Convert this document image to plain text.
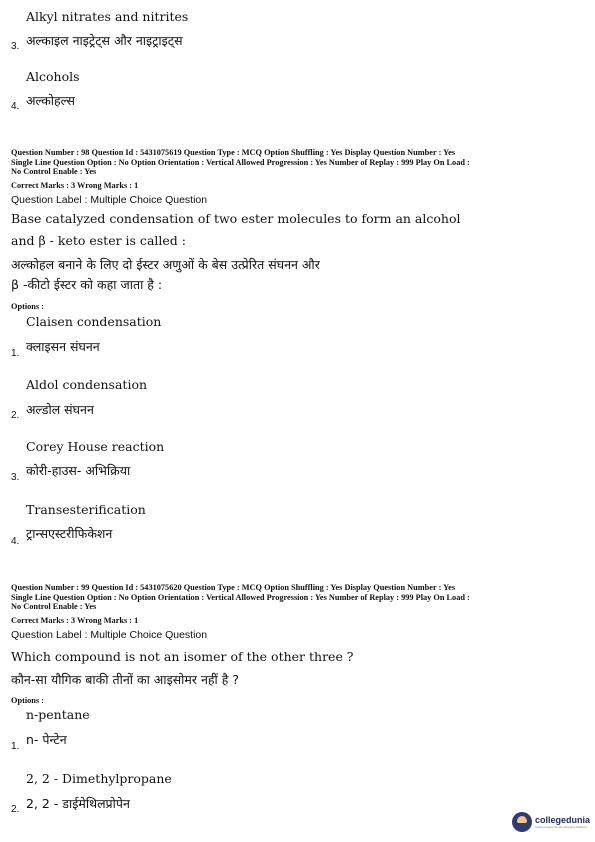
Alkyl nitrates and nitrites
3. अल्काइल नाइट्रेट्स और नाइट्राइट्स
Alcohols
4. अल्कोहल्स
Question Number : 98 Question Id : 5431075619 Question Type : MCQ Option Shuffling : Yes Display Question Number : Yes
Single Line Question Option : No Option Orientation : Vertical Allowed Progression : Yes Number of Replay : 999 Play On Load :
No Control Enable : Yes
Correct Marks : 3 Wrong Marks : 1
Question Label : Multiple Choice Question
Base catalyzed condensation of two ester molecules to form an alcohol
and β - keto ester is called :
अल्कोहल बनाने के लिए दो ईस्टर अणुओं के बेस उत्प्रेरित संघनन और
β -कीटो ईस्टर को कहा जाता है :
Options :
Claisen condensation
1. क्लाइसन संघनन
Aldol condensation
2. अल्डोल संघनन
Corey House reaction
3. कोरी-हाउस- अभिक्रिया
Transesterification
4.
ट्रान्सएस्टरीफिकेशन
Question Number : 99 Question Id : 5431075620 Question Type : MCQ Option Shuffling : Yes Display Question Number : Yes
Single Line Question Option : No Option Orientation : Vertical Allowed Progression : Yes Number of Replay : 999 Play On Load :
No Control Enable : Yes
Correct Marks : 3 Wrong Marks : 1
Question Label : Multiple Choice Question
Which compound is not an isomer of the other three ?
कौन-सा यौगिक बाकी तीनों का आइसोमर नहीं है ?
Options :
n-pentane
1. n- पेन्टेन
2, 2 - Dimethylpropane
2. 2, 2 - डाईमेथिलप्रोपेन
collegedunia
India's largest Student Review Platform
